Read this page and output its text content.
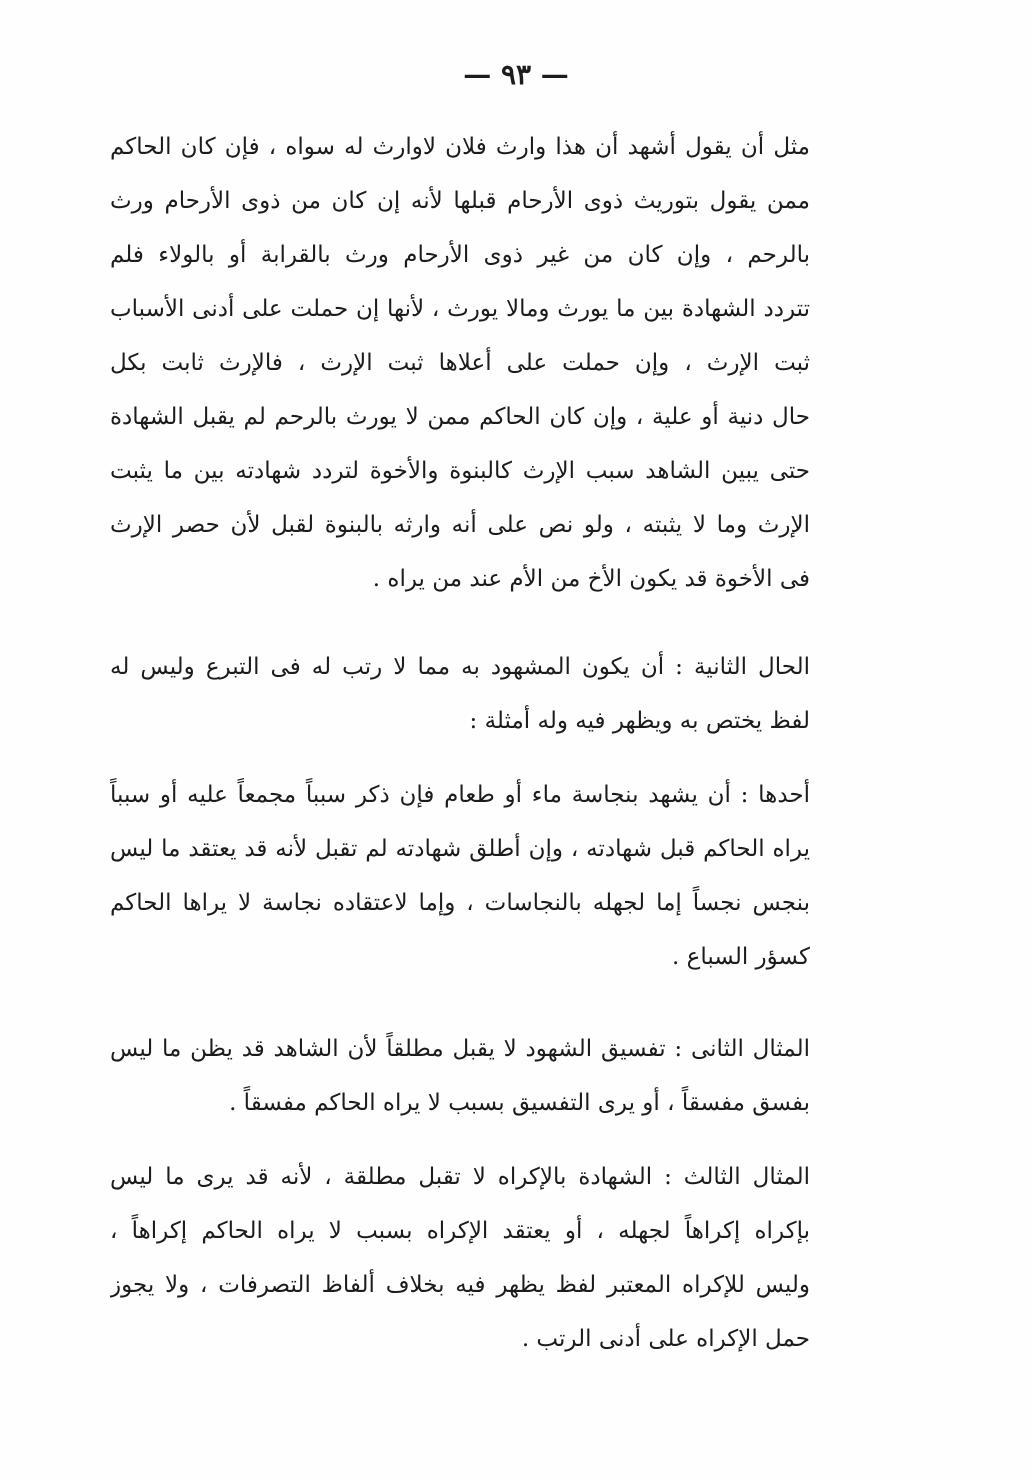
— ٩٣ —
مثل أن يقول أشهد أن هذا وارث فلان لاوارث له سواه ، فإن كان الحاكم
ممن يقول بتوريث ذوى الأرحام قبلها لأنه إن كان من ذوى الأرحام ورث
بالرحم ، وإن كان من غير ذوى الأرحام ورث بالقرابة أو بالولاء فلم
تتردد الشهادة بين ما يورث ومالا يورث ، لأنها إن حملت على أدنى الأسباب
ثبت الإرث ، وإن حملت على أعلاها ثبت الإرث ، فالإرث ثابت بكل
حال دنية أو علية ، وإن كان الحاكم ممن لا يورث بالرحم لم يقبل الشهادة
حتى يبين الشاهد سبب الإرث كالبنوة والأخوة لتردد شهادته بين ما يثبت
الإرث وما لا يثبته ، ولو نص على أنه وارثه بالبنوة لقبل لأن حصر الإرث
فى الأخوة قد يكون الأخ من الأم عند من يراه .
الحال الثانية : أن يكون المشهود به مما لا رتب له فى التبرع وليس له
لفظ يختص به ويظهر فيه وله أمثلة :
أحدها : أن يشهد بنجاسة ماء أو طعام فإن ذكر سبباً مجمعاً عليه أو سبباً
يراه الحاكم قبل شهادته ، وإن أطلق شهادته لم تقبل لأنه قد يعتقد ما ليس
بنجس نجساً إما لجهله بالنجاسات ، وإما لاعتقاده نجاسة لا يراها الحاكم
كسؤر السباع .
المثال الثانى : تفسيق الشهود لا يقبل مطلقاً لأن الشاهد قد يظن ما ليس
بفسق مفسقاً ، أو يرى التفسيق بسبب لا يراه الحاكم مفسقاً .
المثال الثالث : الشهادة بالإكراه لا تقبل مطلقة ، لأنه قد يرى ما ليس
بإكراه إكراهاً لجهله ، أو يعتقد الإكراه بسبب لا يراه الحاكم إكراهاً ،
وليس للإكراه المعتبر لفظ يظهر فيه بخلاف ألفاظ التصرفات ، ولا يجوز
حمل الإكراه على أدنى الرتب .
